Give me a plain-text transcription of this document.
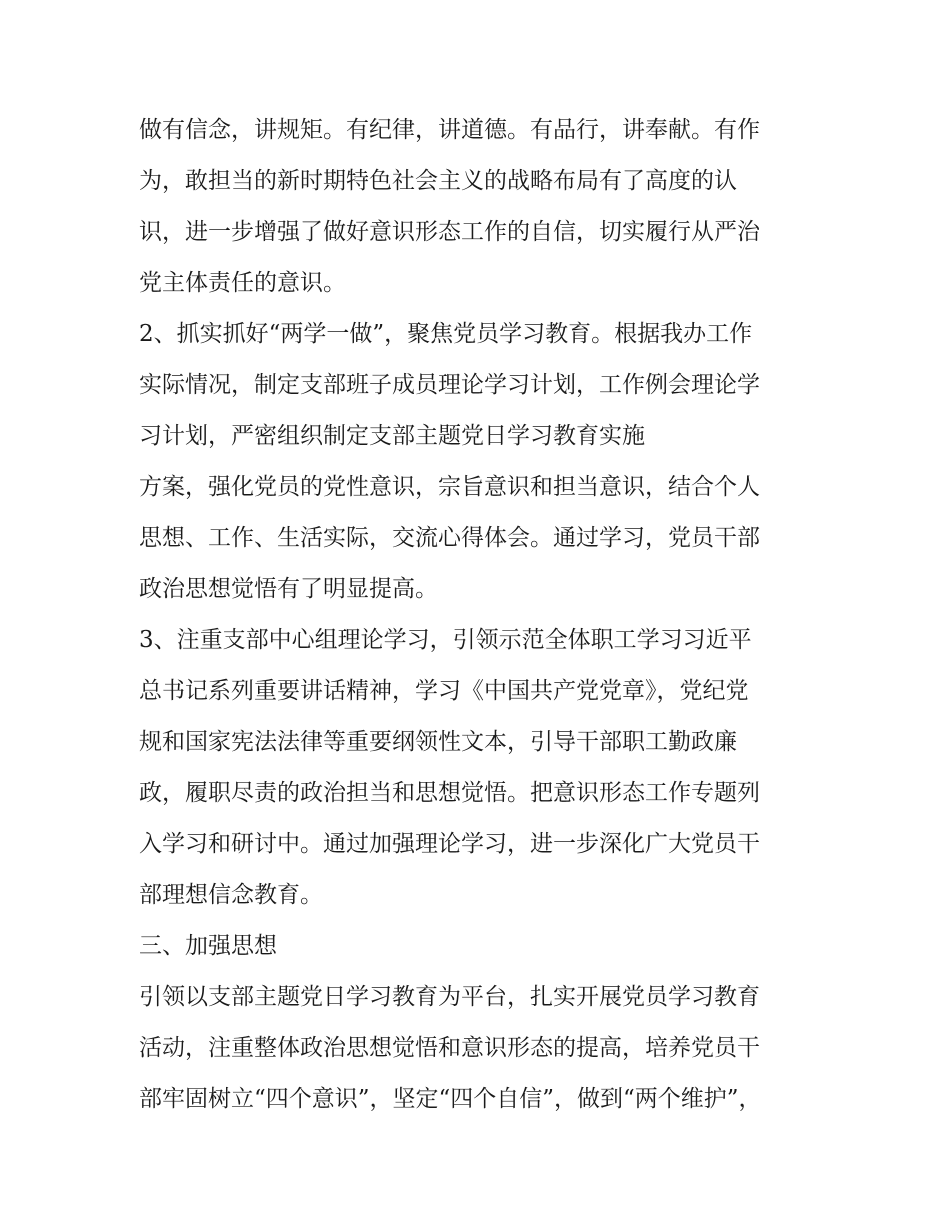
做有信念，讲规矩。有纪律，讲道德。有品行，讲奉献。有作
为，敢担当的新时期特色社会主义的战略布局有了高度的认
识，进一步增强了做好意识形态工作的自信，切实履行从严治
党主体责任的意识。
2、抓实抓好“两学一做”，聚焦党员学习教育。根据我办工作
实际情况，制定支部班子成员理论学习计划，工作例会理论学
习计划，严密组织制定支部主题党日学习教育实施
方案，强化党员的党性意识，宗旨意识和担当意识，结合个人
思想、工作、生活实际，交流心得体会。通过学习，党员干部
政治思想觉悟有了明显提高。
3、注重支部中心组理论学习，引领示范全体职工学习习近平
总书记系列重要讲话精神，学习《中国共产党党章》，党纪党
规和国家宪法法律等重要纲领性文本，引导干部职工勤政廉
政，履职尽责的政治担当和思想觉悟。把意识形态工作专题列
入学习和研讨中。通过加强理论学习，进一步深化广大党员干
部理想信念教育。
三、加强思想
引领以支部主题党日学习教育为平台，扎实开展党员学习教育
活动，注重整体政治思想觉悟和意识形态的提高，培养党员干
部牢固树立“四个意识”，坚定“四个自信”，做到“两个维护”，
